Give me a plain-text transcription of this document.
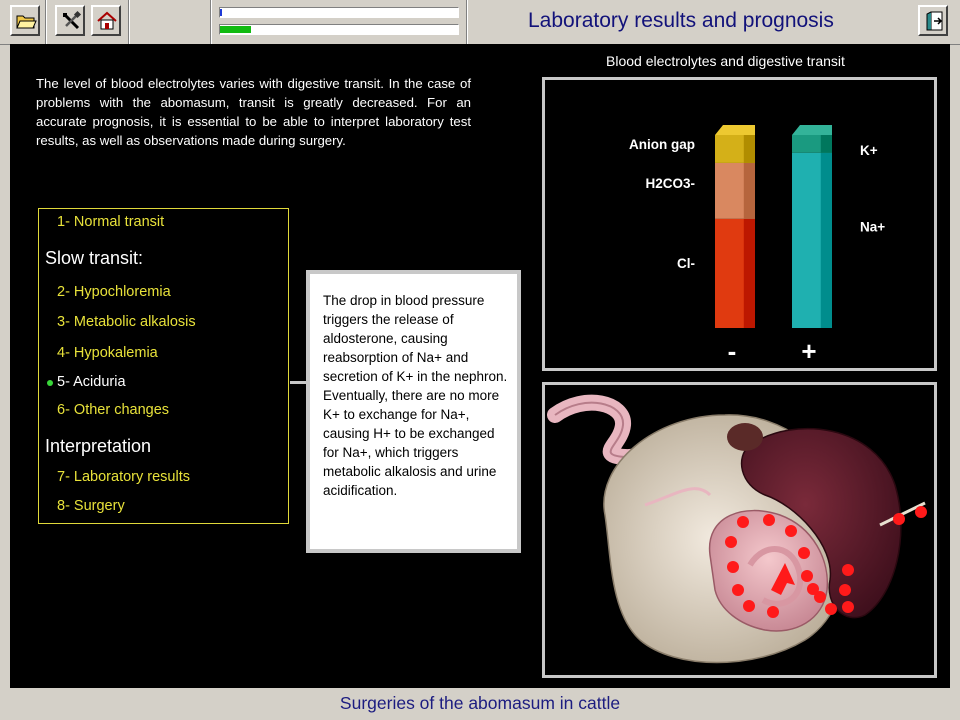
Laboratory results and prognosis

The level of blood electrolytes varies with digestive transit. In the case of problems with the abomasum, transit is greatly decreased. For an accurate prognosis, it is essential to be able to interpret laboratory test results, as well as observations made during surgery.

1- Normal transit
Slow transit:
2- Hypochloremia
3- Metabolic alkalosis
4- Hypokalemia
5- Aciduria
6- Other changes
Interpretation
7- Laboratory results
8- Surgery

The drop in blood pressure triggers the release of aldosterone, causing reabsorption of Na+ and secretion of K+ in the nephron. Eventually, there are no more K+ to exchange for Na+, causing H+ to be exchanged for Na+, which triggers metabolic alkalosis and urine acidification.

Blood electrolytes and digestive transit
Cl-
H2CO3-
Anion gap
Na+
K+
-	+
Surgeries of the abomasum in cattle
